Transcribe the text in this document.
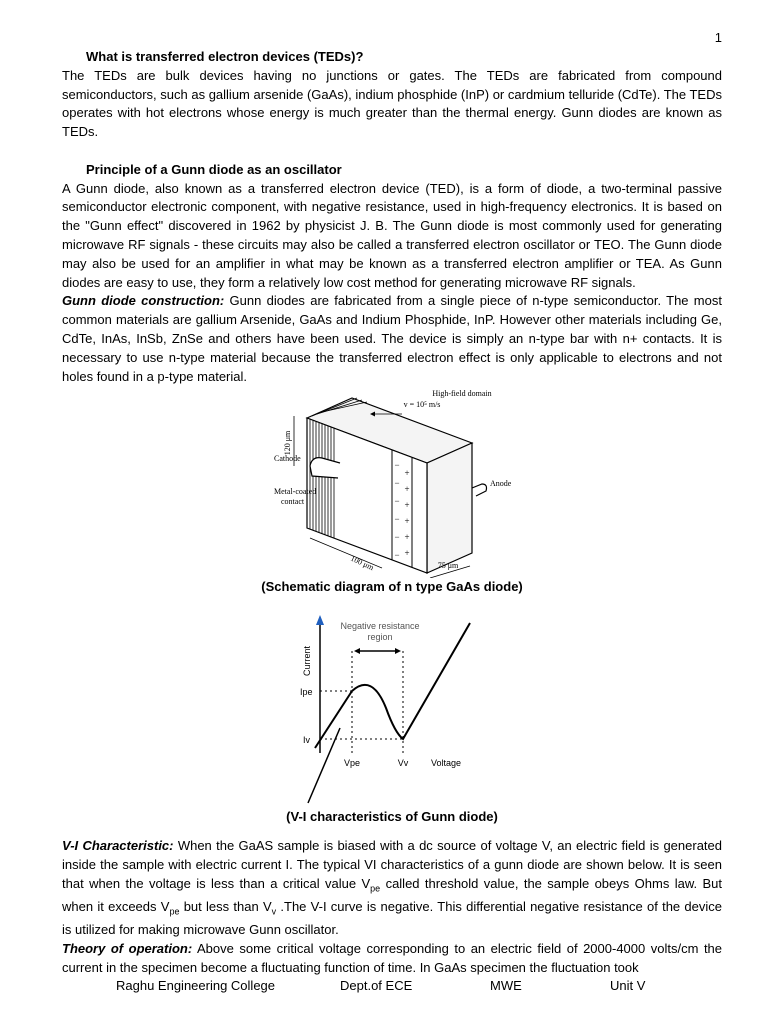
1
What is transferred electron devices (TEDs)?

The TEDs are bulk devices having no junctions or gates. The TEDs are fabricated from compound semiconductors, such as gallium arsenide (GaAs), indium phosphide (InP) or cardmium telluride (CdTe). The TEDs operates with hot electrons whose energy is much greater than the thermal energy. Gunn diodes are known as TEDs.

Principle of a Gunn diode as an oscillator

A Gunn diode, also known as a transferred electron device (TED), is a form of diode, a two-terminal passive semiconductor electronic component, with negative resistance, used in high-frequency electronics. It is based on the "Gunn effect" discovered in 1962 by physicist J. B. The Gunn diode is most commonly used for generating microwave RF signals - these circuits may also be called a transferred electron oscillator or TEO. The Gunn diode may also be used for an amplifier in what may be known as a transferred electron amplifier or TEA. As Gunn diodes are easy to use, they form a relatively low cost method for generating microwave RF signals.

Gunn diode construction: Gunn diodes are fabricated from a single piece of n-type semiconductor. The most common materials are gallium Arsenide, GaAs and Indium Phosphide, InP. However other materials including Ge, CdTe, InAs, InSb, ZnSe and others have been used. The device is simply an n-type bar with n+ contacts. It is necessary to use n-type material because the transferred electron effect is only applicable to electrons and not holes found in a p-type material.

−
−
−
−
−
−
+
+
+
+
+
+
High-field domain
v = 10⁵ m/s
120 μm
Cathode
Metal-coated
contact
Anode
100 μm	75 μm
(Schematic diagram of n type GaAs diode)
Negative resistance
region
Current
Ipe
Iv
Vpe	Vv	Voltage
(V-I characteristics of Gunn diode)

V-I Characteristic: When the GaAS sample is biased with a dc source of voltage V, an electric field is generated inside the sample with electric current I. The typical VI characteristics of a gunn diode are shown below. It is seen that when the voltage is less than a critical value $V_{pe}$ called threshold value, the sample obeys Ohms law. But when it exceeds $V_{pe}$ but less than $V_v$ .The V-I curve is negative. This differential negative resistance of the device is utilized for making microwave Gunn oscillator.

Theory of operation: Above some critical voltage corresponding to an electric field of 2000-4000 volts/cm the current in the specimen become a fluctuating function of time. In GaAs specimen the fluctuation took

Raghu Engineering College	Dept.of ECE	MWE	Unit V
